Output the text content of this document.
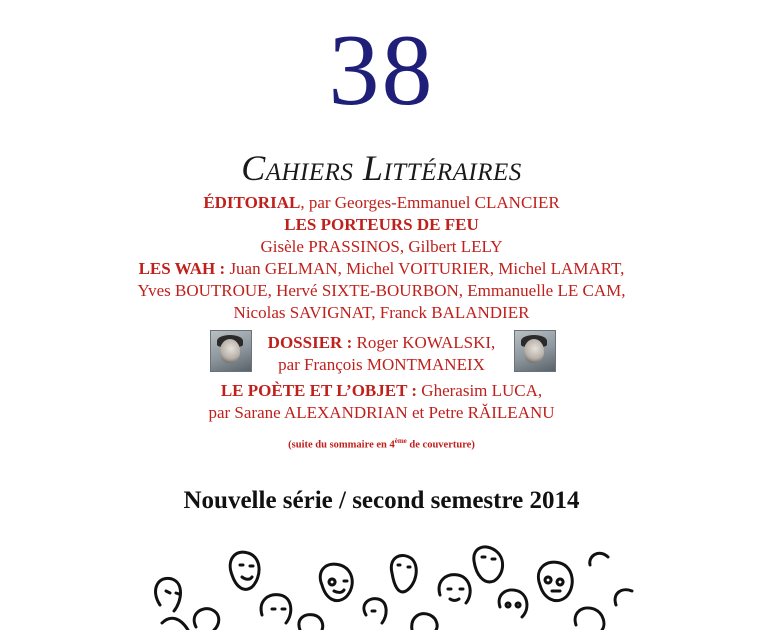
38
Cahiers Littéraires
ÉDITORIAL, par Georges-Emmanuel CLANCIER
LES PORTEURS DE FEU
Gisèle PRASSINOS, Gilbert LELY
LES WAH : Juan GELMAN, Michel VOITURIER, Michel LAMART,
Yves BOUTROUE, Hervé SIXTE-BOURBON, Emmanuelle LE CAM,
Nicolas SAVIGNAT, Franck BALANDIER
DOSSIER : Roger KOWALSKI,
par François MONTMANEIX
LE POÈTE ET L’OBJET : Gherasim LUCA,
par Sarane ALEXANDRIAN et Petre RĂILEANU
(suite du sommaire en 4ème de couverture)
Nouvelle série / second semestre 2014
